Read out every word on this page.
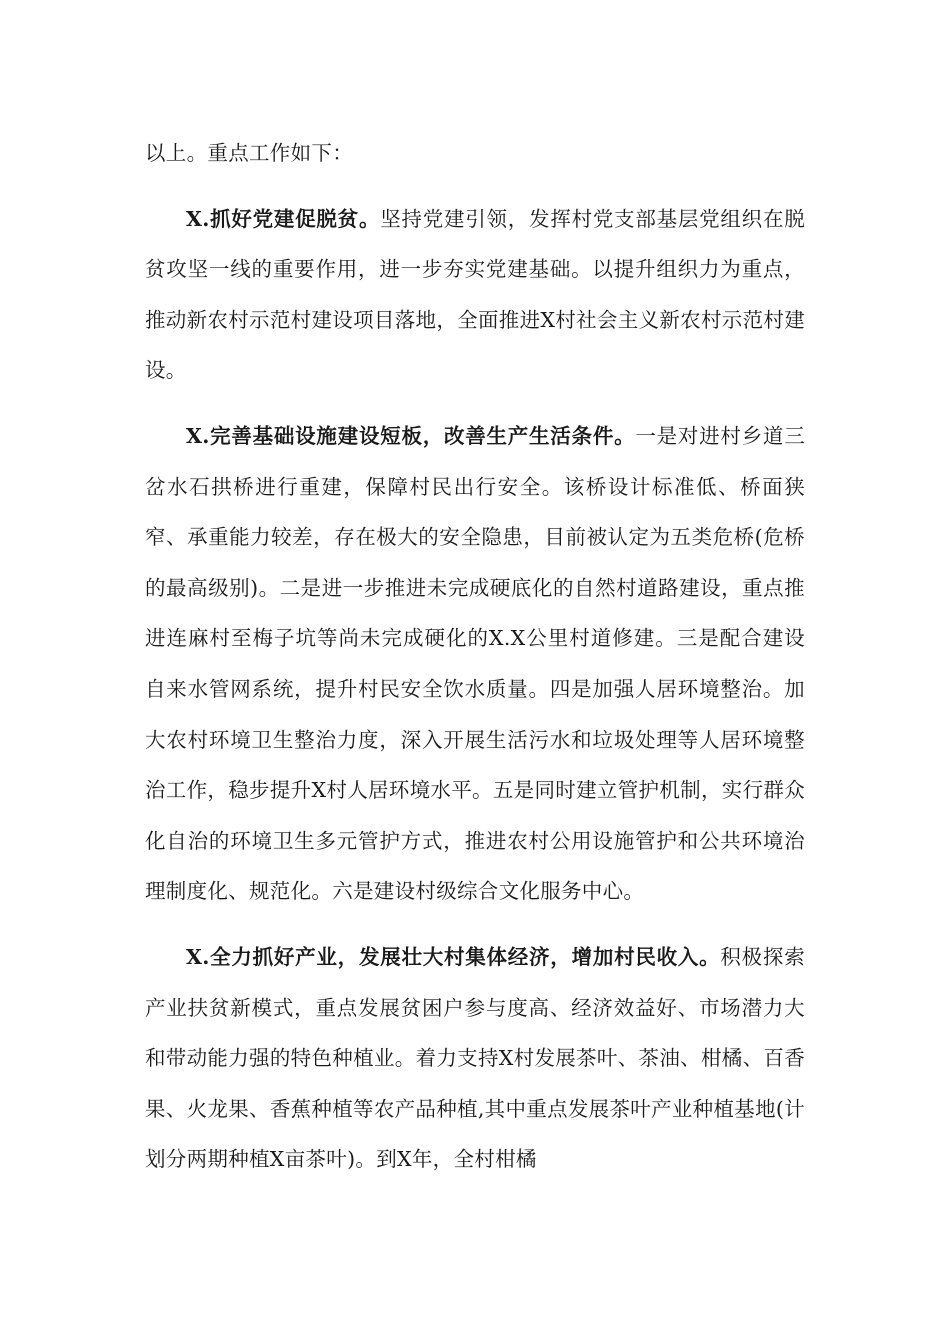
以上。重点工作如下：

X.抓好党建促脱贫。坚持党建引领，发挥村党支部基层党组织在脱贫攻坚一线的重要作用，进一步夯实党建基础。以提升组织力为重点，推动新农村示范村建设项目落地，全面推进X村社会主义新农村示范村建设。

X.完善基础设施建设短板，改善生产生活条件。一是对进村乡道三岔水石拱桥进行重建，保障村民出行安全。该桥设计标准低、桥面狭窄、承重能力较差，存在极大的安全隐患，目前被认定为五类危桥(危桥的最高级别)。二是进一步推进未完成硬底化的自然村道路建设，重点推进连麻村至梅子坑等尚未完成硬化的X.X公里村道修建。三是配合建设自来水管网系统，提升村民安全饮水质量。四是加强人居环境整治。加大农村环境卫生整治力度，深入开展生活污水和垃圾处理等人居环境整治工作，稳步提升X村人居环境水平。五是同时建立管护机制，实行群众化自治的环境卫生多元管护方式，推进农村公用设施管护和公共环境治理制度化、规范化。六是建设村级综合文化服务中心。

X.全力抓好产业，发展壮大村集体经济，增加村民收入。积极探索产业扶贫新模式，重点发展贫困户参与度高、经济效益好、市场潜力大和带动能力强的特色种植业。着力支持X村发展茶叶、茶油、柑橘、百香果、火龙果、香蕉种植等农产品种植,其中重点发展茶叶产业种植基地(计划分两期种植X亩茶叶)。到X年，全村柑橘
